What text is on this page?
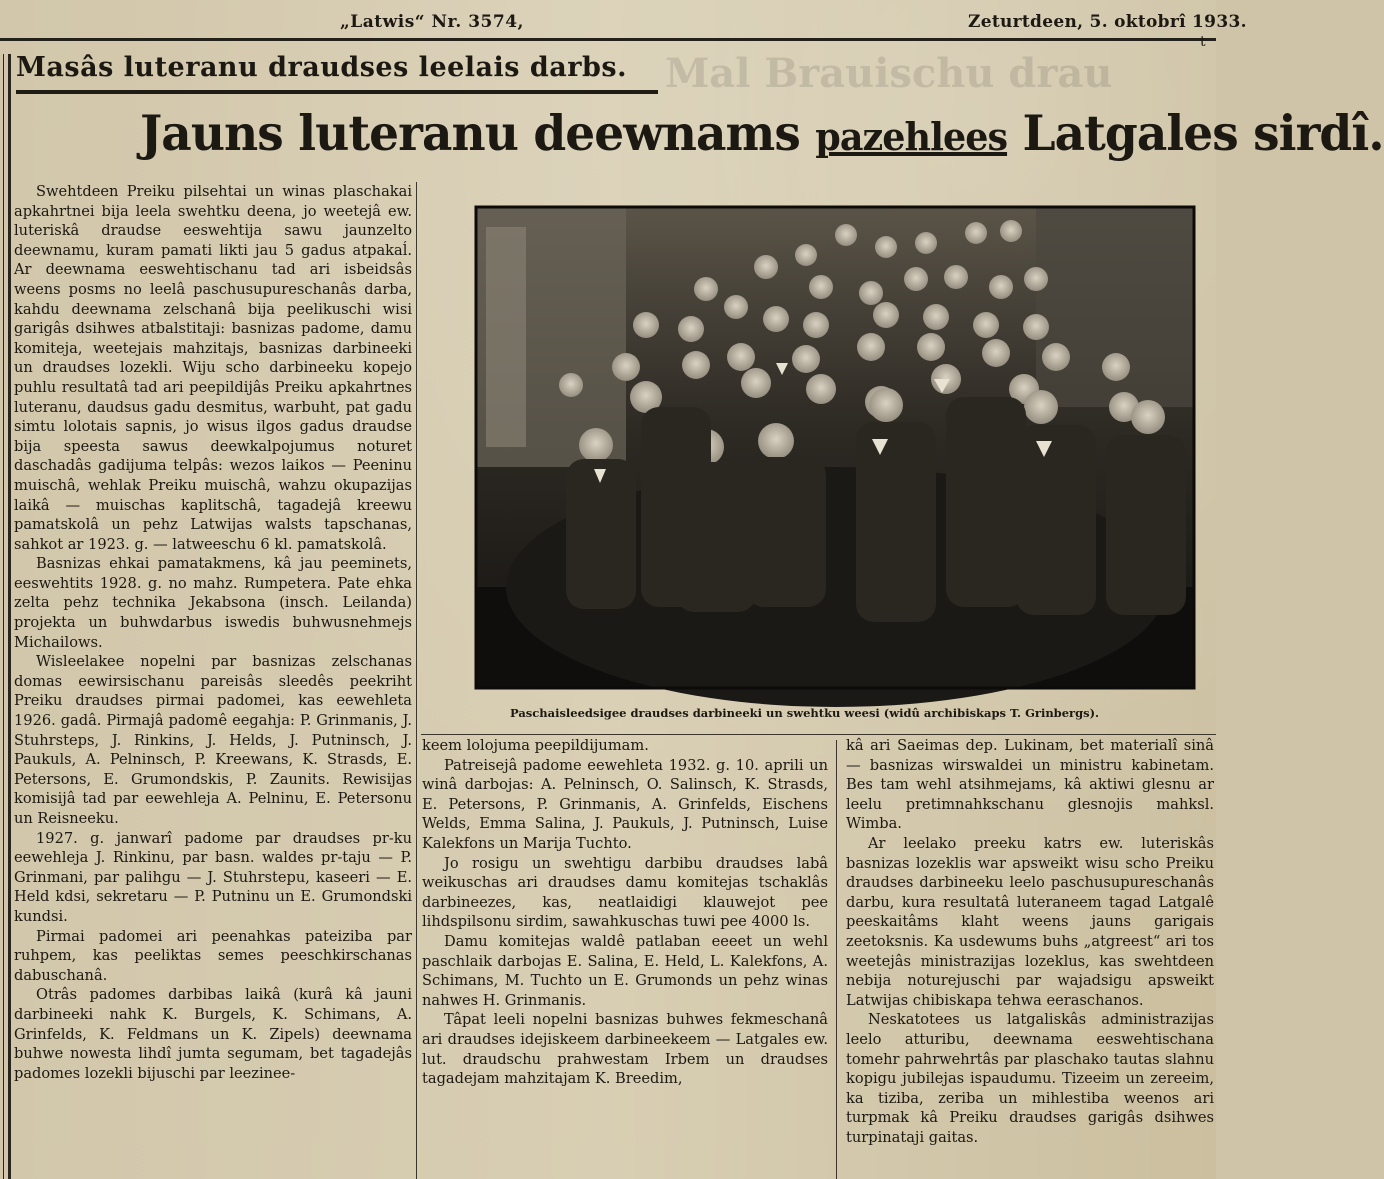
„Latwis“ Nr. 3574,	Zeturtdeen, 5. oktobrî 1933.
t
Mal Brauischu drau
Masâs luteranu draudses leelais darbs.
Jauns luteranu deewnams pazehlees Latgales sirdî.
Paschaisleedsigee draudses darbineeki un swehtku weesi (widû archibiskaps T. Grinbergs).

Swehtdeen Preiku pilsehtai un winas plaschakai apkahrtnei bija leela swehtku deena, jo weetejâ ew. luteriskâ draudse eeswehtija sawu jaunzelto deewnamu, kuram pamati likti jau 5 gadus atpakaĺ. Ar deewnama eeswehtischanu tad ari isbeidsâs weens posms no leelâ paschusupureschanâs darba, kahdu deewnama zelschanâ bija peelikuschi wisi garigâs dsihwes atbalstitaji: basnizas padome, damu komiteja, weetejais mahzitajs, basnizas darbineeki un draudses lozekli. Wiju scho darbineeku kopejo puhlu resultatâ tad ari peepildijâs Preiku apkahrtnes luteranu, daudsus gadu desmitus, warbuht, pat gadu simtu lolotais sapnis, jo wisus ilgos gadus draudse bija speesta sawus deewkalpojumus noturet daschadâs gadijuma telpâs: wezos laikos — Peeninu muischâ, wehlak Preiku muischâ, wahzu okupazijas laikâ — muischas kaplitschâ, tagadejâ kreewu pamatskolâ un pehz Latwijas walsts tapschanas, sahkot ar 1923. g. — latweeschu 6 kl. pamatskolâ.

Basnizas ehkai pamatakmens, kâ jau peeminets, eeswehtits 1928. g. no mahz. Rumpetera. Pate ehka zelta pehz technika Jekabsona (insch. Leilanda) projekta un buhwdarbus iswedis buhwusnehmejs Michailows.

Wisleelakee nopelni par basnizas zelschanas domas eewirsischanu pareisâs sleedês peekriht Preiku draudses pirmai padomei, kas eewehleta 1926. gadâ. Pirmajâ padomê eegahja: P. Grinmanis, J. Stuhrsteps, J. Rinkins, J. Helds, J. Putninsch, J. Paukuls, A. Pelninsch, P. Kreewans, K. Strasds, E. Petersons, E. Grumondskis, P. Zaunits. Rewisijas komisijâ tad par eewehleja A. Pelninu, E. Petersonu un Reisneeku.

1927. g. janwarî padome par draudses pr-ku eewehleja J. Rinkinu, par basn. waldes pr-taju — P. Grinmani, par palihgu — J. Stuhrstepu, kaseeri — E. Held kdsi, sekretaru — P. Putninu un E. Grumondski kundsi.

Pirmai padomei ari peenahkas pateiziba par ruhpem, kas peeliktas semes peeschkirschanas dabuschanâ.

Otrâs padomes darbibas laikâ (kurâ kâ jauni darbineeki nahk K. Burgels, K. Schimans, A. Grinfelds, K. Feldmans un K. Zipels) deewnama buhwe nowesta lihdî jumta segumam, bet tagadejâs padomes lozekli bijuschi par leezinee-

keem lolojuma peepildijumam.

Patreisejâ padome eewehleta 1932. g. 10. aprili un winâ darbojas: A. Pelninsch, O. Salinsch, K. Strasds, E. Petersons, P. Grinmanis, A. Grinfelds, Eischens Welds, Emma Salina, J. Paukuls, J. Putninsch, Luise Kalekfons un Marija Tuchto.

Jo rosigu un swehtigu darbibu draudses labâ weikuschas ari draudses damu komitejas tschaklâs darbineezes, kas, neatlaidigi klauwejot pee lihdspilsonu sirdim, sawahkuschas tuwi pee 4000 ls.

Damu komitejas waldê patlaban eeeet un wehl paschlaik darbojas E. Salina, E. Held, L. Kalekfons, A. Schimans, M. Tuchto un E. Grumonds un pehz winas nahwes H. Grinmanis.

Tâpat leeli nopelni basnizas buhwes fekmeschanâ ari draudses idejiskeem darbineekeem — Latgales ew. lut. draudschu prahwestam Irbem un draudses tagadejam mahzitajam K. Breedim,

kâ ari Saeimas dep. Lukinam, bet materialî sinâ — basnizas wirswaldei un ministru kabinetam. Bes tam wehl atsihmejams, kâ aktiwi glesnu ar leelu pretimnahkschanu glesnojis mahksl. Wimba.

Ar leelako preeku katrs ew. luteriskâs basnizas lozeklis war apsweikt wisu scho Preiku draudses darbineeku leelo paschusupureschanâs darbu, kura resultatâ luteraneem tagad Latgalê peeskaitâms klaht weens jauns garigais zeetoksnis. Ka usdewums buhs „atgreest“ ari tos weetejâs ministrazijas lozeklus, kas swehtdeen nebija noturejuschi par wajadsigu apsweikt Latwijas chibiskapa tehwa eeraschanos.

Neskatotees us latgaliskâs administrazijas leelo atturibu, deewnama eeswehtischana tomehr pahrwehrtâs par plaschako tautas slahnu kopigu jubilejas ispaudumu. Tizeeim un zereeim, ka tiziba, zeriba un mihlestiba weenos ari turpmak kâ Preiku draudses garigâs dsihwes turpinataji gaitas.
